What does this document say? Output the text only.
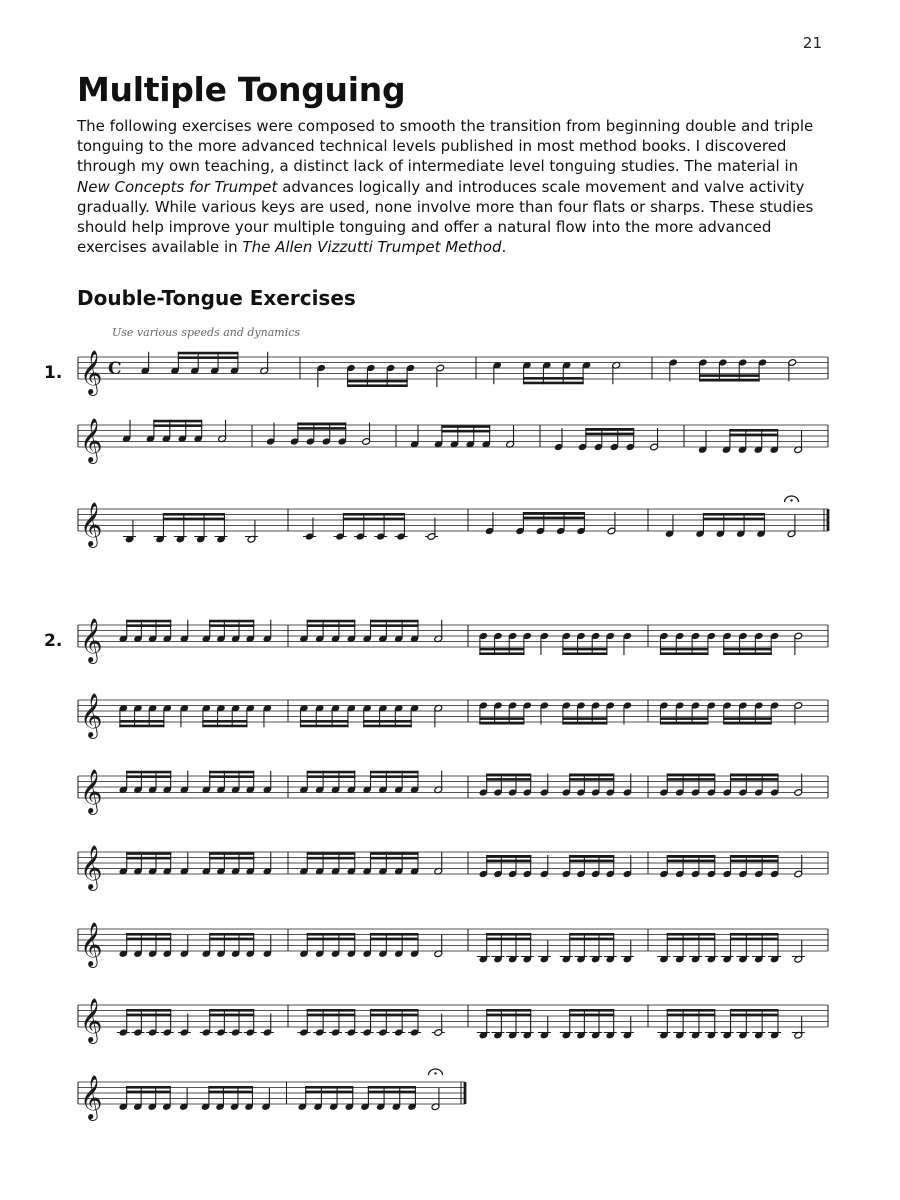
21
Multiple Tonguing

The following exercises were composed to smooth the transition from beginning double and triple tonguing to the more advanced technical levels published in most method books. I discovered through my own teaching, a distinct lack of intermediate level tonguing studies. The material in New Concepts for Trumpet advances logically and introduces scale movement and valve activity gradually. While various keys are used, none involve more than four flats or sharps. These studies should help improve your multiple tonguing and offer a natural flow into the more advanced exercises available in The Allen Vizzutti Trumpet Method.

Double-Tongue Exercises
Use various speeds and dynamics
1.
2.
𝄞 C
𝄞
𝄞
𝄞
𝄞
𝄞
𝄞
𝄞
𝄞
𝄞
